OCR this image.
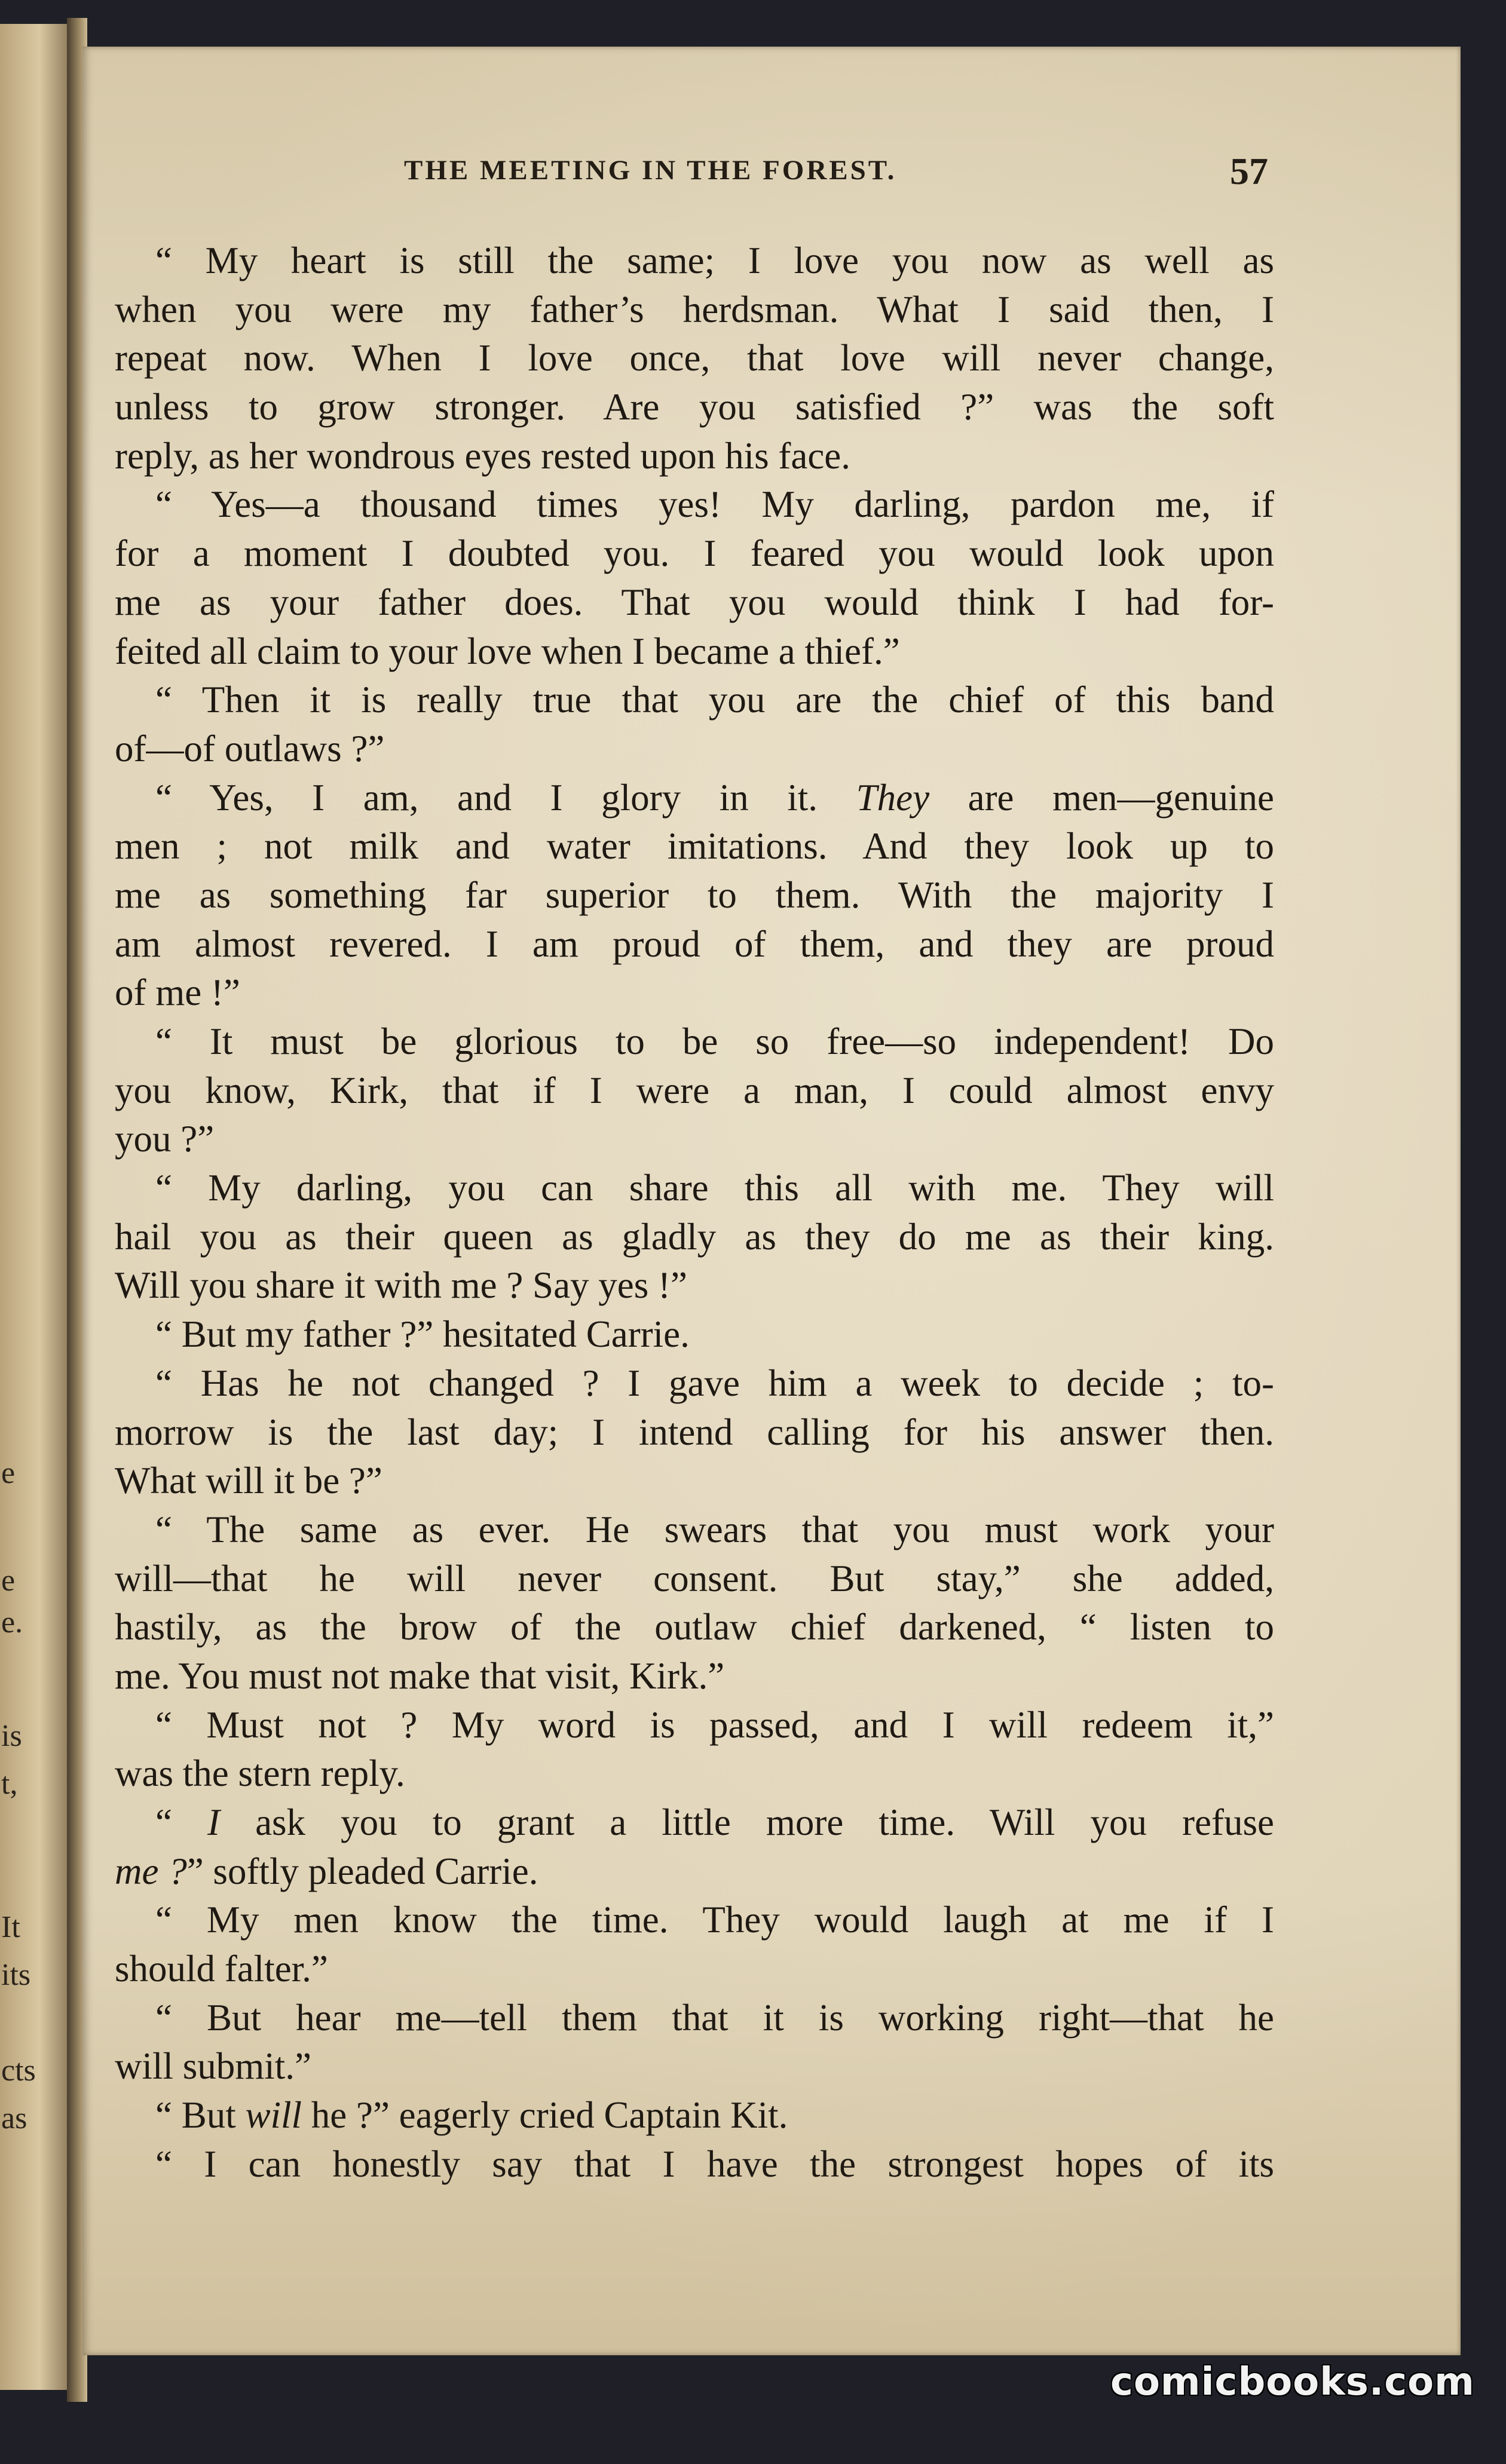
e
e
e.
is
t,
It
its
cts
as
THE MEETING IN THE FOREST.	57
“ My heart is still the same; I love you now as well as
when you were my father’s herdsman. What I said then, I
repeat now. When I love once, that love will never change,
unless to grow stronger. Are you satisfied ?” was the soft
reply, as her wondrous eyes rested upon his face.
“ Yes—a thousand times yes! My darling, pardon me, if
for a moment I doubted you. I feared you would look upon
me as your father does. That you would think I had for-
feited all claim to your love when I became a thief.”
“ Then it is really true that you are the chief of this band
of—of outlaws ?”
“ Yes, I am, and I glory in it. They are men—genuine
men ; not milk and water imitations. And they look up to
me as something far superior to them. With the majority I
am almost revered. I am proud of them, and they are proud
of me !”
“ It must be glorious to be so free—so independent! Do
you know, Kirk, that if I were a man, I could almost envy
you ?”
“ My darling, you can share this all with me. They will
hail you as their queen as gladly as they do me as their king.
Will you share it with me ? Say yes !”
“ But my father ?” hesitated Carrie.
“ Has he not changed ? I gave him a week to decide ; to-
morrow is the last day; I intend calling for his answer then.
What will it be ?”
“ The same as ever. He swears that you must work your
will—that he will never consent. But stay,” she added,
hastily, as the brow of the outlaw chief darkened, “ listen to
me. You must not make that visit, Kirk.”
“ Must not ? My word is passed, and I will redeem it,”
was the stern reply.
“ I ask you to grant a little more time. Will you refuse
me ?” softly pleaded Carrie.
“ My men know the time. They would laugh at me if I
should falter.”
“ But hear me—tell them that it is working right—that he
will submit.”
“ But will he ?” eagerly cried Captain Kit.
“ I can honestly say that I have the strongest hopes of its
comicbooks.com
